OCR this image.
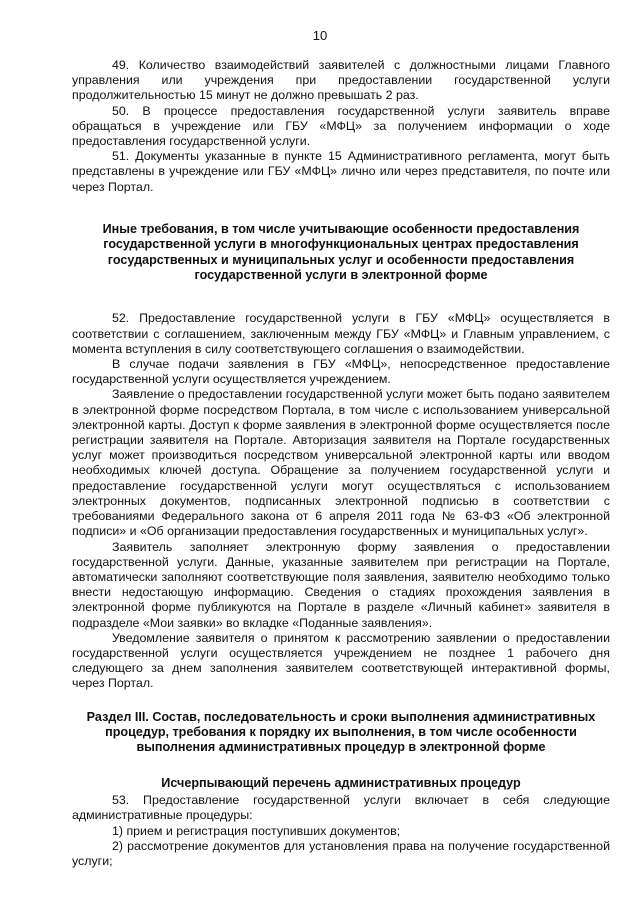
10

49. Количество взаимодействий заявителей с должностными лицами Главного управления или учреждения при предоставлении государственной услуги продолжительностью 15 минут не должно превышать 2 раз.

50. В процессе предоставления государственной услуги заявитель вправе обращаться в учреждение или ГБУ «МФЦ» за получением информации о ходе предоставления государственной услуги.

51. Документы указанные в пункте 15 Административного регламента, могут быть представлены в учреждение или ГБУ «МФЦ» лично или через представителя, по почте или через Портал.

Иные требования, в том числе учитывающие особенности предоставления государственной услуги в многофункциональных центрах предоставления государственных и муниципальных услуг и особенности предоставления государственной услуги в электронной форме

52. Предоставление государственной услуги в ГБУ «МФЦ» осуществляется в соответствии с соглашением, заключенным между ГБУ «МФЦ» и Главным управлением, с момента вступления в силу соответствующего соглашения о взаимодействии.

В случае подачи заявления в ГБУ «МФЦ», непосредственное предоставление государственной услуги осуществляется учреждением.

Заявление о предоставлении государственной услуги может быть подано заявителем в электронной форме посредством Портала, в том числе с использованием универсальной электронной карты. Доступ к форме заявления в электронной форме осуществляется после регистрации заявителя на Портале. Авторизация заявителя на Портале государственных услуг может производиться посредством универсальной электронной карты или вводом необходимых ключей доступа. Обращение за получением государственной услуги и предоставление государственной услуги могут осуществляться с использованием электронных документов, подписанных электронной подписью в соответствии с требованиями Федерального закона от 6 апреля 2011 года № 63-ФЗ «Об электронной подписи» и «Об организации предоставления государственных и муниципальных услуг».

Заявитель заполняет электронную форму заявления о предоставлении государственной услуги. Данные, указанные заявителем при регистрации на Портале, автоматически заполняют соответствующие поля заявления, заявителю необходимо только внести недостающую информацию. Сведения о стадиях прохождения заявления в электронной форме публикуются на Портале в разделе «Личный кабинет» заявителя в подразделе «Мои заявки» во вкладке «Поданные заявления».

Уведомление заявителя о принятом к рассмотрению заявлении о предоставлении государственной услуги осуществляется учреждением не позднее 1 рабочего дня следующего за днем заполнения заявителем соответствующей интерактивной формы, через Портал.

Раздел III. Состав, последовательность и сроки выполнения административных процедур, требования к порядку их выполнения, в том числе особенности выполнения административных процедур в электронной форме
Исчерпывающий перечень административных процедур

53. Предоставление государственной услуги включает в себя следующие административные процедуры:

1) прием и регистрация поступивших документов;

2) рассмотрение документов для установления права на получение государственной услуги;
